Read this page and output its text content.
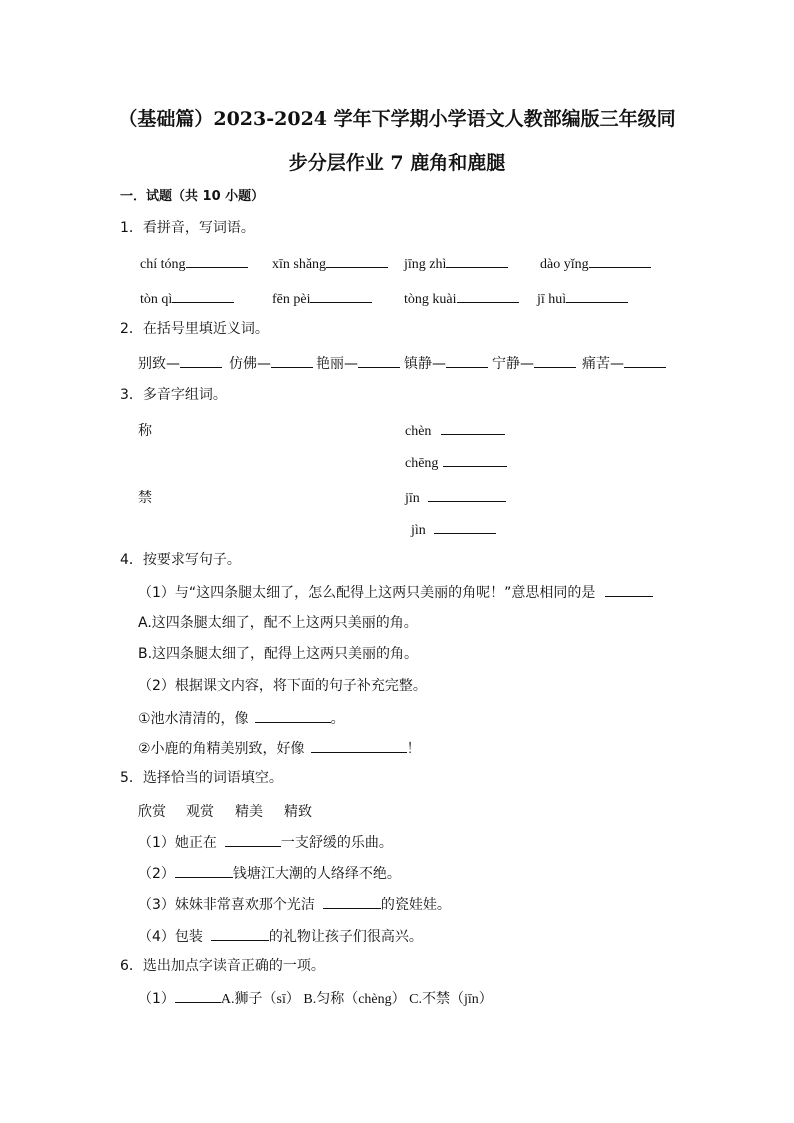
（基础篇）2023-2024 学年下学期小学语文人教部编版三年级同
步分层作业 7 鹿角和鹿腿
一．试题（共 10 小题）
1．看拼音，写词语。
chí tóng	xīn shǎng	jīng zhì	dào yǐng
tòn qì	fēn pèi	tòng kuài	jī huì
2．在括号里填近义词。
别致—	仿佛—	艳丽—	镇静—	宁静—	痛苦—
3．多音字组词。
称	chèn
chēng
禁	jīn
jìn
4．按要求写句子。
（1）与“这四条腿太细了，怎么配得上这两只美丽的角呢！”意思相同的是
A.这四条腿太细了，配不上这两只美丽的角。
B.这四条腿太细了，配得上这两只美丽的角。
（2）根据课文内容，将下面的句子补充完整。
①池水清清的，像	。
②小鹿的角精美别致，好像	！
5．选择恰当的词语填空。
欣赏 观赏 精美 精致
（1）她正在	一支舒缓的乐曲。
（2）	钱塘江大潮的人络绎不绝。
（3）妹妹非常喜欢那个光洁	的瓷娃娃。
（4）包装	的礼物让孩子们很高兴。
6．选出加点字读音正确的一项。
（1）	A.狮子（sī） B.匀称（chèng） C.不禁（jīn）
